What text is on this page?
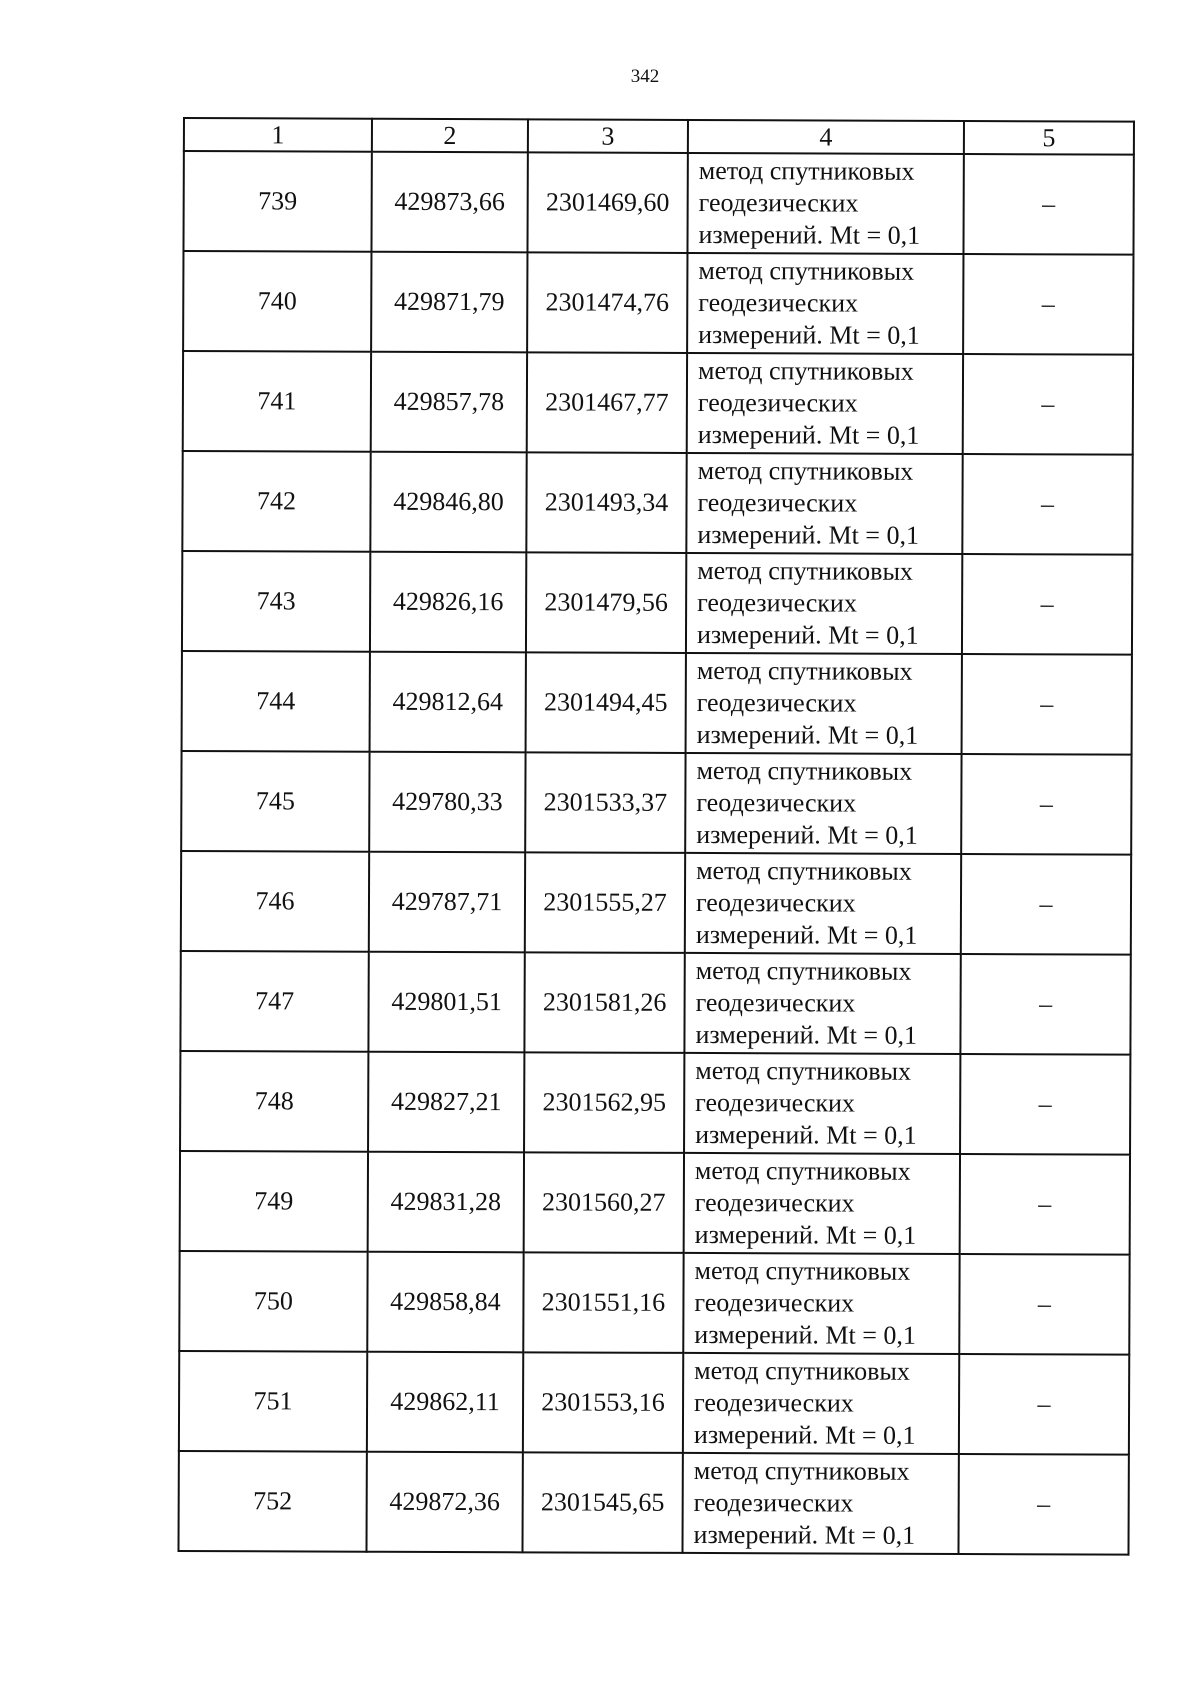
342
1	2	3	4	5
739	429873,66	2301469,60	метод спутниковых
геодезических
измерений. Mt = 0,1	–
740	429871,79	2301474,76	метод спутниковых
геодезических
измерений. Mt = 0,1	–
741	429857,78	2301467,77	метод спутниковых
геодезических
измерений. Mt = 0,1	–
742	429846,80	2301493,34	метод спутниковых
геодезических
измерений. Mt = 0,1	–
743	429826,16	2301479,56	метод спутниковых
геодезических
измерений. Mt = 0,1	–
744	429812,64	2301494,45	метод спутниковых
геодезических
измерений. Mt = 0,1	–
745	429780,33	2301533,37	метод спутниковых
геодезических
измерений. Mt = 0,1	–
746	429787,71	2301555,27	метод спутниковых
геодезических
измерений. Mt = 0,1	–
747	429801,51	2301581,26	метод спутниковых
геодезических
измерений. Mt = 0,1	–
748	429827,21	2301562,95	метод спутниковых
геодезических
измерений. Mt = 0,1	–
749	429831,28	2301560,27	метод спутниковых
геодезических
измерений. Mt = 0,1	–
750	429858,84	2301551,16	метод спутниковых
геодезических
измерений. Mt = 0,1	–
751	429862,11	2301553,16	метод спутниковых
геодезических
измерений. Mt = 0,1	–
752	429872,36	2301545,65	метод спутниковых
геодезических
измерений. Mt = 0,1	–
